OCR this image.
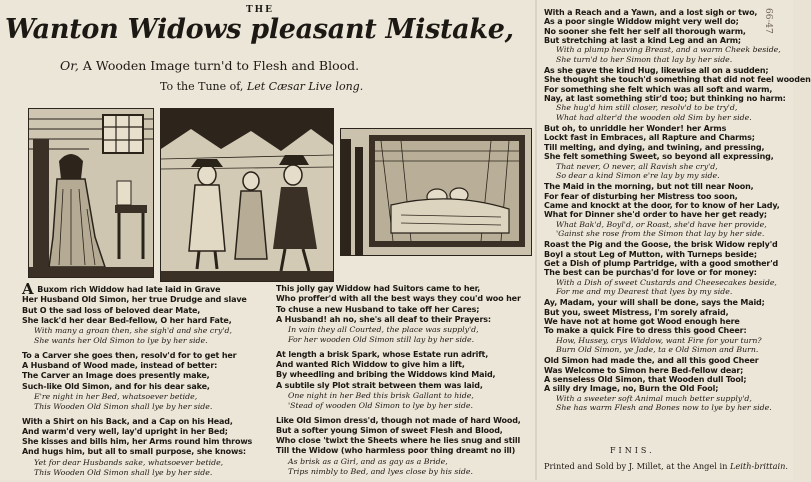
THE
Wanton Widows pleasant Mistake,
Or, A Wooden Image turn'd to Flesh and Blood.
To the Tune of, Let Cæsar Live long.
A Buxom rich Widdow had late laid in Grave
Her Husband Old Simon, her true Drudge and slave
But O the sad loss of beloved dear Mate,
She lack'd her dear Bed-fellow, O her hard Fate,
With many a groan then, she sigh'd and she cry'd,
She wants her Old Simon to lye by her side.
To a Carver she goes then, resolv'd for to get her
A Husband of Wood made, instead of better:
The Carver an Image does presently make,
Such-like Old Simon, and for his dear sake,
E're night in her Bed, whatsoever betide,
This Wooden Old Simon shall lye by her side.
With a Shirt on his Back, and a Cap on his Head,
And warm'd very well, lay'd upright in her Bed;
She kisses and bills him, her Arms round him throws
And hugs him, but all to small purpose, she knows:
Yet for dear Husbands sake, whatsoever betide,
This Wooden Old Simon shall lye by her side.
This jolly gay Widdow had Suitors came to her,
Who proffer'd with all the best ways they cou'd woo her
To chuse a new Husband to take off her Cares;
A Husband! ah no, she's all deaf to their Prayers:
In vain they all Courted, the place was supply'd,
For her wooden Old Simon still lay by her side.
At length a brisk Spark, whose Estate run adrift,
And wanted Rich Widdow to give him a lift,
By wheedling and bribing the Widdows kind Maid,
A subtile sly Plot strait between them was laid,
One night in her Bed this brisk Gallant to hide,
'Stead of wooden Old Simon to lye by her side.
Like Old Simon dress'd, though not made of hard Wood,
But a softer young Simon of sweet Flesh and Blood,
Who close 'twixt the Sheets where he lies snug and still
Till the Widow (who harmless poor thing dreamt no ill)
As brisk as a Girl, and as gay as a Bride,
Trips nimbly to Bed, and lyes close by his side.
With a Reach and a Yawn, and a lost sigh or two,
As a poor single Widdow might very well do;
No sooner she felt her self all thorough warm,
But stretching at last a kind Leg and an Arm;
With a plump heaving Breast, and a warm Cheek beside,
She turn'd to her Simon that lay by her side.
As she gave the kind Hug, likewise all on a sudden;
She thought she touch'd something that did not feel wooden
For something she felt which was all soft and warm,
Nay, at last something stir'd too; but thinking no harm:
She hug'd him still closer, resolv'd to be try'd,
What had alter'd the wooden old Sim by her side.
But oh, to unriddle her Wonder! her Arms
Lockt fast in Embraces, all Rapture and Charms;
Till melting, and dying, and twining, and pressing,
She felt something Sweet, so beyond all expressing,
That never, O never, all Ravish she cry'd,
So dear a kind Simon e're lay by my side.
The Maid in the morning, but not till near Noon,
For fear of disturbing her Mistress too soon,
Came and knockt at the door, for to know of her Lady,
What for Dinner she'd order to have her get ready;
What Bak'd, Boyl'd, or Roast, she'd have her provide,
'Gainst she rose from the Simon that lay by her side.
Roast the Pig and the Goose, the brisk Widow reply'd
Boyl a stout Leg of Mutton, with Turneps beside;
Get a Dish of plump Partridge, with a good smother'd
The best can be purchas'd for love or for money:
With a Dish of sweet Custards and Cheesecakes beside,
For me and my Dearest that lyes by my side.
Ay, Madam, your will shall be done, says the Maid;
But you, sweet Mistress, I'm sorely afraid,
We have not at home got Wood enough here
To make a quick Fire to dress this good Cheer:
How, Hussey, crys Widdow, want Fire for your turn?
Burn Old Simon, ye Jade, ta e Old Simon and Burn.
Old Simon had made the, and all this good Cheer
Was Welcome to Simon here Bed-fellow dear;
A senseless Old Simon, that Wooden dull Tool;
A silly dry Image, no, Burn the Old Fool;
With a sweeter soft Animal much better supply'd,
She has warm Flesh and Bones now to lye by her side.
FINIS.
Printed and Sold by J. Millet, at the Angel in Leith-brittain.
66·47
